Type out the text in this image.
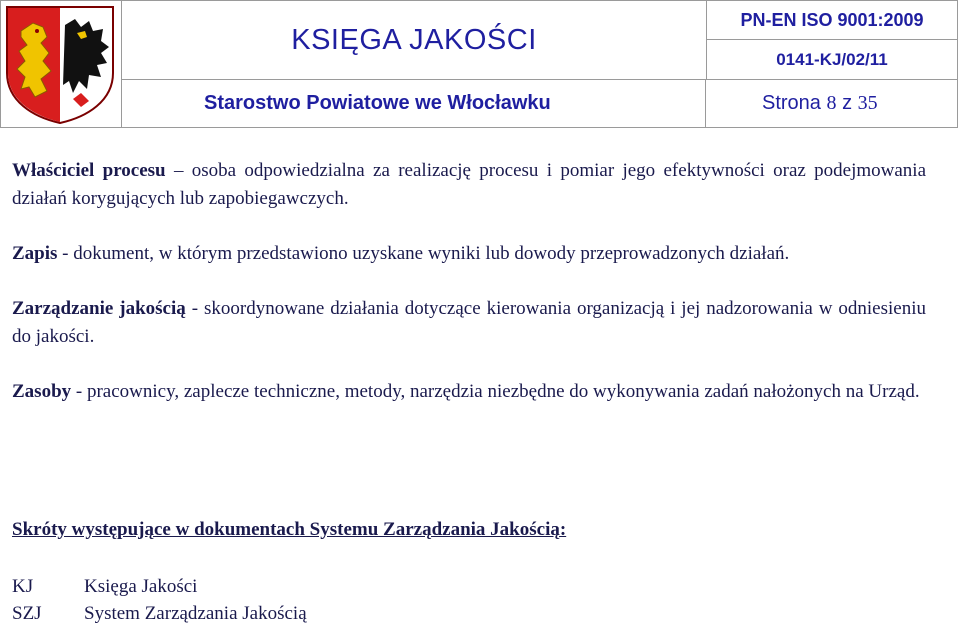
KSIĘGA JAKOŚCI
PN-EN ISO 9001:2009
0141-KJ/02/11
Starostwo Powiatowe we Włocławku	Strona
8
z
35

Właściciel procesu – osoba odpowiedzialna za realizację procesu i pomiar jego efektywności oraz podejmowania działań korygujących lub zapobiegawczych.

Zapis - dokument, w którym przedstawiono uzyskane wyniki lub dowody przeprowadzonych działań.

Zarządzanie jakością - skoordynowane działania dotyczące kierowania organizacją i jej nadzorowania w odniesieniu do jakości.

Zasoby - pracownicy, zaplecze techniczne, metody, narzędzia niezbędne do wykonywania zadań nałożonych na Urząd.

Skróty występujące w dokumentach Systemu Zarządzania Jakością:
KJ	Księga Jakości
SZJ System Zarządzania Jakością
